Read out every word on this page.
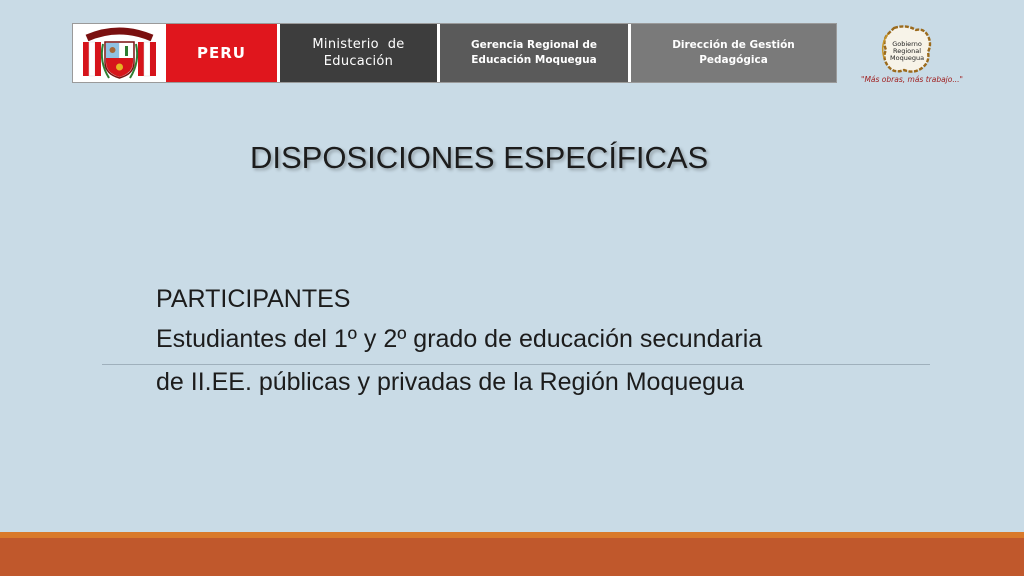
PERU	Ministerio  de
Educación
Gerencia Regional de
Educación Moquegua
Dirección de Gestión
Pedagógica
Gobierno
Regional
Moquegua
"Más obras, más trabajo..."
DISPOSICIONES ESPECÍFICAS
PARTICIPANTES
Estudiantes del 1º y 2º grado de educación secundaria
de II.EE. públicas y privadas de la Región Moquegua
